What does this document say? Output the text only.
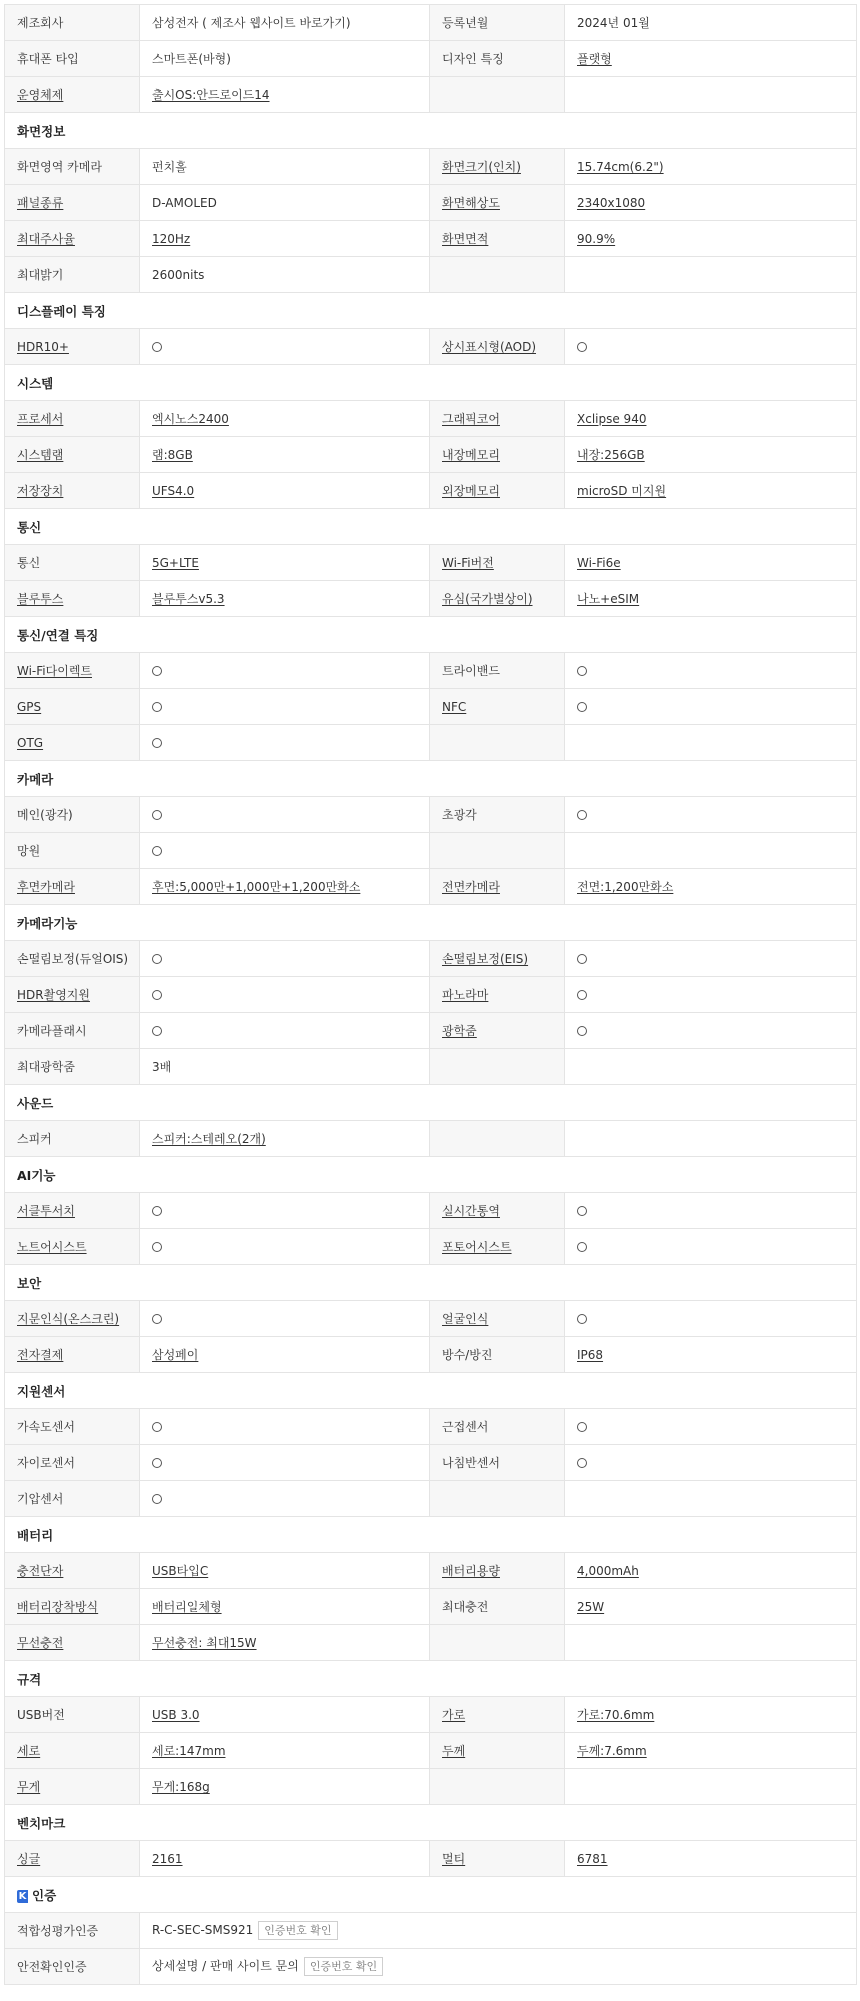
제조회사	삼성전자 ( 제조사 웹사이트 바로가기)	등록년월	2024년 01월
휴대폰 타입	스마트폰(바형)	디자인 특징	플랫형
운영체제	출시OS:안드로이드14		
화면정보			
화면영역 카메라	펀치홀	화면크기(인치)	15.74cm(6.2")
패널종류	D-AMOLED	화면해상도	2340x1080
최대주사율	120Hz	화면면적	90.9%
최대밝기	2600nits		
디스플레이 특징			
HDR10+		상시표시형(AOD)	
시스템			
프로세서	엑시노스2400	그래픽코어	Xclipse 940
시스템램	램:8GB	내장메모리	내장:256GB
저장장치	UFS4.0	외장메모리	microSD 미지원
통신			
통신	5G+LTE	Wi-Fi버전	Wi-Fi6e
블루투스	블루투스v5.3	유심(국가별상이)	나노+eSIM
통신/연결 특징			
Wi-Fi다이렉트		트라이밴드	
GPS		NFC	
OTG			
카메라			
메인(광각)		초광각	
망원			
후면카메라	후면:5,000만+1,000만+1,200만화소	전면카메라	전면:1,200만화소
카메라기능			
손떨림보정(듀얼OIS)		손떨림보정(EIS)	
HDR촬영지원		파노라마	
카메라플래시		광학줌	
최대광학줌	3배		
사운드			
스피커	스피커:스테레오(2개)		
AI기능			
서클투서치		실시간통역	
노트어시스트		포토어시스트	
보안			
지문인식(온스크린)		얼굴인식	
전자결제	삼성페이	방수/방진	IP68
지원센서			
가속도센서		근접센서	
자이로센서		나침반센서	
기압센서			
배터리			
충전단자	USB타입C	배터리용량	4,000mAh
배터리장착방식	배터리일체형	최대충전	25W
무선충전	무선충전: 최대15W		
규격			
USB버전	USB 3.0	가로	가로:70.6mm
세로	세로:147mm	두께	두께:7.6mm
무게	무게:168g		
벤치마크			
싱글	2161	멀티	6781
K 인증			
적합성평가인증	R-C-SEC-SMS921 인증번호 확인		
안전확인인증	상세설명 / 판매 사이트 문의 인증번호 확인		
